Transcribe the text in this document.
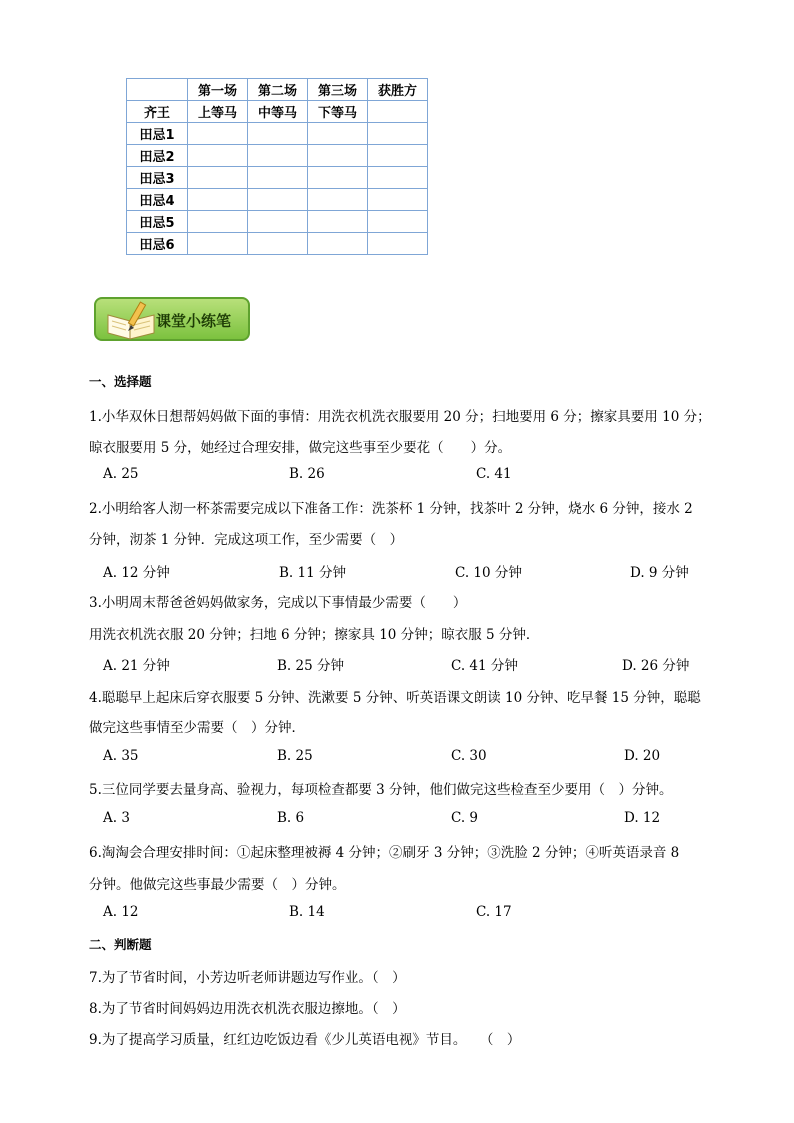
	第一场	第二场	第三场	获胜方
齐王	上等马	中等马	下等马	
田忌1				
田忌2				
田忌3				
田忌4				
田忌5				
田忌6				
课堂小练笔
一、选择题
1.小华双休日想帮妈妈做下面的事情：用洗衣机洗衣服要用 20 分；扫地要用 6 分；擦家具要用 10 分；
晾衣服要用 5 分，她经过合理安排，做完这些事至少要花（　　）分。
A. 25	B. 26	C. 41
2.小明给客人沏一杯茶需要完成以下准备工作：洗茶杯 1 分钟，找茶叶 2 分钟，烧水 6 分钟，接水 2
分钟，沏茶 1 分钟．完成这项工作，至少需要（　）
A. 12 分钟	B. 11 分钟	C. 10 分钟	D. 9 分钟
3.小明周末帮爸爸妈妈做家务，完成以下事情最少需要（　　）
用洗衣机洗衣服 20 分钟；扫地 6 分钟；擦家具 10 分钟；晾衣服 5 分钟．
A. 21 分钟	B. 25 分钟	C. 41 分钟	D. 26 分钟
4.聪聪早上起床后穿衣服要 5 分钟、洗漱要 5 分钟、听英语课文朗读 10 分钟、吃早餐 15 分钟，聪聪
做完这些事情至少需要（　）分钟．
A. 35	B. 25	C. 30	D. 20
5.三位同学要去量身高、验视力，每项检查都要 3 分钟，他们做完这些检查至少要用（　）分钟。
A. 3	B. 6	C. 9	D. 12
6.淘淘会合理安排时间：①起床整理被褥 4 分钟；②刷牙 3 分钟；③洗脸 2 分钟；④听英语录音 8
分钟。他做完这些事最少需要（　）分钟。
A. 12	B. 14	C. 17
二、判断题
7.为了节省时间，小芳边听老师讲题边写作业。（　）
8.为了节省时间妈妈边用洗衣机洗衣服边擦地。（　）
9.为了提高学习质量，红红边吃饭边看《少儿英语电视》节目。　　（　）
